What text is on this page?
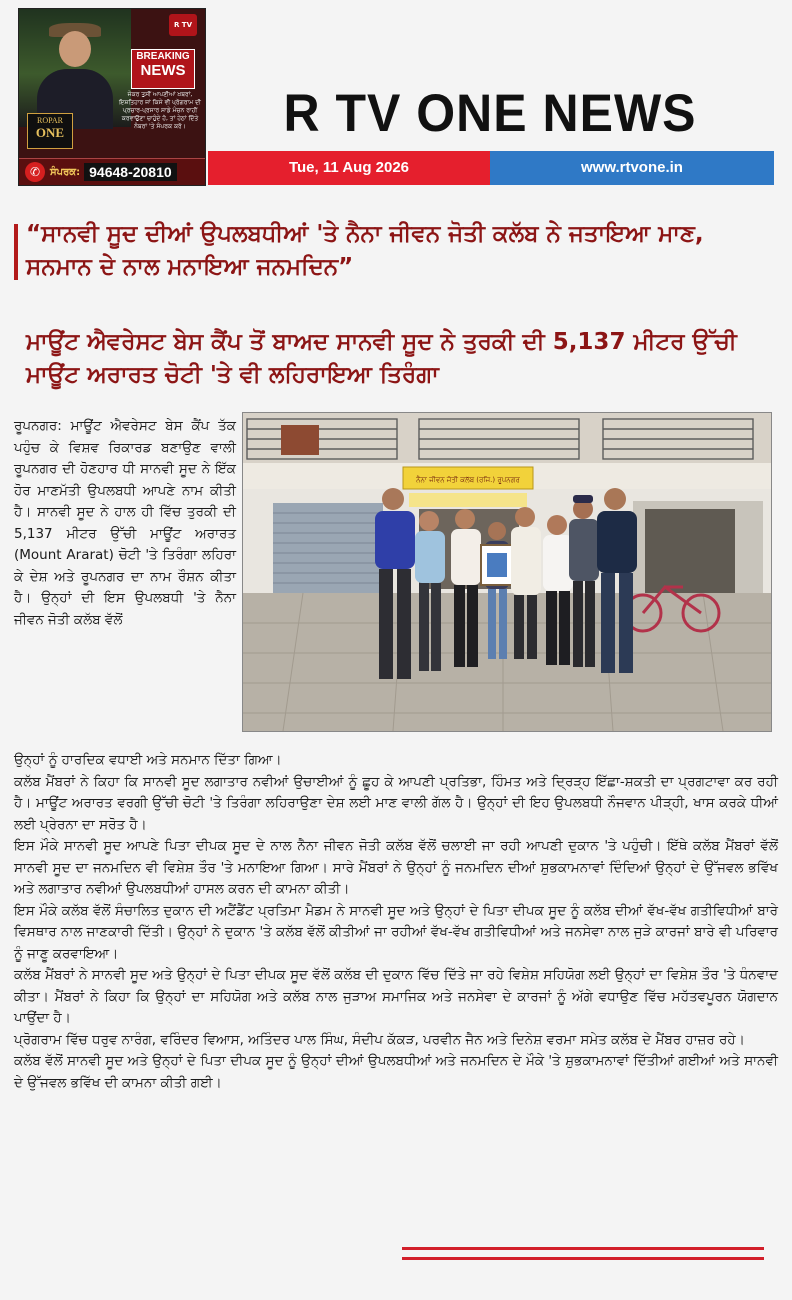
R TV
BREAKING
NEWS
ROPAR
ONE
ਜੇਕਰ ਤੁਸੀਂ ਆਪਣੀਆਂ ਖ਼ਬਰਾਂ, ਇਸ਼ਤਿਹਾਰ ਜਾਂ ਕਿਸੇ ਵੀ ਪ੍ਰੋਗਰਾਮ ਦੀ ਪ੍ਰਚਾਰ-ਪ੍ਰਸਾਰ ਸਾਡੇ ਮੰਚਨ ਰਾਹੀਂ ਕਰਵਾਉਣਾ ਚਾਹੁੰਦੇ ਹੋ, ਤਾਂ ਹੇਠਾਂ ਦਿੱਤੇ ਨੰਬਰਾਂ 'ਤੇ ਸੰਪਰਕ ਕਰੋ।
✆ ਸੰਪਰਕ: 94648-20810
R TV ONE NEWS
Tue, 11 Aug 2026	www.rtvone.in
“ਸਾਨਵੀ ਸੂਦ ਦੀਆਂ ਉਪਲਬਧੀਆਂ 'ਤੇ ਨੈਨਾ ਜੀਵਨ ਜੋਤੀ ਕਲੱਬ ਨੇ ਜਤਾਇਆ ਮਾਣ, ਸਨਮਾਨ ਦੇ ਨਾਲ ਮਨਾਇਆ ਜਨਮਦਿਨ”
ਮਾਊਂਟ ਐਵਰੇਸਟ ਬੇਸ ਕੈਂਪ ਤੋਂ ਬਾਅਦ ਸਾਨਵੀ ਸੂਦ ਨੇ ਤੁਰਕੀ ਦੀ 5,137 ਮੀਟਰ ਉੱਚੀ ਮਾਊਂਟ ਅਰਾਰਤ ਚੋਟੀ 'ਤੇ ਵੀ ਲਹਿਰਾਇਆ ਤਿਰੰਗਾ
ਰੂਪਨਗਰ: ਮਾਊਂਟ ਐਵਰੇਸਟ ਬੇਸ ਕੈਂਪ ਤੱਕ ਪਹੁੰਚ ਕੇ ਵਿਸ਼ਵ ਰਿਕਾਰਡ ਬਣਾਉਣ ਵਾਲੀ ਰੂਪਨਗਰ ਦੀ ਹੋਣਹਾਰ ਧੀ ਸਾਨਵੀ ਸੂਦ ਨੇ ਇੱਕ ਹੋਰ ਮਾਣਮੱਤੀ ਉਪਲਬਧੀ ਆਪਣੇ ਨਾਮ ਕੀਤੀ ਹੈ। ਸਾਨਵੀ ਸੂਦ ਨੇ ਹਾਲ ਹੀ ਵਿੱਚ ਤੁਰਕੀ ਦੀ 5,137 ਮੀਟਰ ਉੱਚੀ ਮਾਊਂਟ ਅਰਾਰਤ (Mount Ararat) ਚੋਟੀ 'ਤੇ ਤਿਰੰਗਾ ਲਹਿਰਾ ਕੇ ਦੇਸ਼ ਅਤੇ ਰੂਪਨਗਰ ਦਾ ਨਾਮ ਰੌਸ਼ਨ ਕੀਤਾ ਹੈ। ਉਨ੍ਹਾਂ ਦੀ ਇਸ ਉਪਲਬਧੀ 'ਤੇ ਨੈਨਾ ਜੀਵਨ ਜੋਤੀ ਕਲੱਬ ਵੱਲੋਂ
ਨੈਨਾ ਜੀਵਨ ਜੋਤੀ ਕਲੱਬ (ਰਜਿ.) ਰੂਪਨਗਰ

ਉਨ੍ਹਾਂ ਨੂੰ ਹਾਰਦਿਕ ਵਧਾਈ ਅਤੇ ਸਨਮਾਨ ਦਿੱਤਾ ਗਿਆ।

ਕਲੱਬ ਮੈਂਬਰਾਂ ਨੇ ਕਿਹਾ ਕਿ ਸਾਨਵੀ ਸੂਦ ਲਗਾਤਾਰ ਨਵੀਆਂ ਉਚਾਈਆਂ ਨੂੰ ਛੂਹ ਕੇ ਆਪਣੀ ਪ੍ਰਤਿਭਾ, ਹਿੰਮਤ ਅਤੇ ਦ੍ਰਿੜ੍ਹ ਇੱਛਾ-ਸ਼ਕਤੀ ਦਾ ਪ੍ਰਗਟਾਵਾ ਕਰ ਰਹੀ ਹੈ। ਮਾਊਂਟ ਅਰਾਰਤ ਵਰਗੀ ਉੱਚੀ ਚੋਟੀ 'ਤੇ ਤਿਰੰਗਾ ਲਹਿਰਾਉਣਾ ਦੇਸ਼ ਲਈ ਮਾਣ ਵਾਲੀ ਗੱਲ ਹੈ। ਉਨ੍ਹਾਂ ਦੀ ਇਹ ਉਪਲਬਧੀ ਨੌਜਵਾਨ ਪੀੜ੍ਹੀ, ਖਾਸ ਕਰਕੇ ਧੀਆਂ ਲਈ ਪ੍ਰੇਰਨਾ ਦਾ ਸਰੋਤ ਹੈ।

ਇਸ ਮੌਕੇ ਸਾਨਵੀ ਸੂਦ ਆਪਣੇ ਪਿਤਾ ਦੀਪਕ ਸੂਦ ਦੇ ਨਾਲ ਨੈਨਾ ਜੀਵਨ ਜੋਤੀ ਕਲੱਬ ਵੱਲੋਂ ਚਲਾਈ ਜਾ ਰਹੀ ਆਪਣੀ ਦੁਕਾਨ 'ਤੇ ਪਹੁੰਚੀ। ਇੱਥੇ ਕਲੱਬ ਮੈਂਬਰਾਂ ਵੱਲੋਂ ਸਾਨਵੀ ਸੂਦ ਦਾ ਜਨਮਦਿਨ ਵੀ ਵਿਸ਼ੇਸ਼ ਤੌਰ 'ਤੇ ਮਨਾਇਆ ਗਿਆ। ਸਾਰੇ ਮੈਂਬਰਾਂ ਨੇ ਉਨ੍ਹਾਂ ਨੂੰ ਜਨਮਦਿਨ ਦੀਆਂ ਸ਼ੁਭਕਾਮਨਾਵਾਂ ਦਿੰਦਿਆਂ ਉਨ੍ਹਾਂ ਦੇ ਉੱਜਵਲ ਭਵਿੱਖ ਅਤੇ ਲਗਾਤਾਰ ਨਵੀਆਂ ਉਪਲਬਧੀਆਂ ਹਾਸਲ ਕਰਨ ਦੀ ਕਾਮਨਾ ਕੀਤੀ।

ਇਸ ਮੌਕੇ ਕਲੱਬ ਵੱਲੋਂ ਸੰਚਾਲਿਤ ਦੁਕਾਨ ਦੀ ਅਟੈਂਡੈਂਟ ਪ੍ਰਤਿਮਾ ਮੈਡਮ ਨੇ ਸਾਨਵੀ ਸੂਦ ਅਤੇ ਉਨ੍ਹਾਂ ਦੇ ਪਿਤਾ ਦੀਪਕ ਸੂਦ ਨੂੰ ਕਲੱਬ ਦੀਆਂ ਵੱਖ-ਵੱਖ ਗਤੀਵਿਧੀਆਂ ਬਾਰੇ ਵਿਸਥਾਰ ਨਾਲ ਜਾਣਕਾਰੀ ਦਿੱਤੀ। ਉਨ੍ਹਾਂ ਨੇ ਦੁਕਾਨ 'ਤੇ ਕਲੱਬ ਵੱਲੋਂ ਕੀਤੀਆਂ ਜਾ ਰਹੀਆਂ ਵੱਖ-ਵੱਖ ਗਤੀਵਿਧੀਆਂ ਅਤੇ ਜਨਸੇਵਾ ਨਾਲ ਜੁੜੇ ਕਾਰਜਾਂ ਬਾਰੇ ਵੀ ਪਰਿਵਾਰ ਨੂੰ ਜਾਣੂ ਕਰਵਾਇਆ।

ਕਲੱਬ ਮੈਂਬਰਾਂ ਨੇ ਸਾਨਵੀ ਸੂਦ ਅਤੇ ਉਨ੍ਹਾਂ ਦੇ ਪਿਤਾ ਦੀਪਕ ਸੂਦ ਵੱਲੋਂ ਕਲੱਬ ਦੀ ਦੁਕਾਨ ਵਿੱਚ ਦਿੱਤੇ ਜਾ ਰਹੇ ਵਿਸ਼ੇਸ਼ ਸਹਿਯੋਗ ਲਈ ਉਨ੍ਹਾਂ ਦਾ ਵਿਸ਼ੇਸ਼ ਤੌਰ 'ਤੇ ਧੰਨਵਾਦ ਕੀਤਾ। ਮੈਂਬਰਾਂ ਨੇ ਕਿਹਾ ਕਿ ਉਨ੍ਹਾਂ ਦਾ ਸਹਿਯੋਗ ਅਤੇ ਕਲੱਬ ਨਾਲ ਜੁੜਾਅ ਸਮਾਜਿਕ ਅਤੇ ਜਨਸੇਵਾ ਦੇ ਕਾਰਜਾਂ ਨੂੰ ਅੱਗੇ ਵਧਾਉਣ ਵਿੱਚ ਮਹੱਤਵਪੂਰਨ ਯੋਗਦਾਨ ਪਾਉਂਦਾ ਹੈ।

ਪ੍ਰੋਗਰਾਮ ਵਿੱਚ ਧਰੁਵ ਨਾਰੰਗ, ਵਰਿੰਦਰ ਵਿਆਸ, ਅਤਿੰਦਰ ਪਾਲ ਸਿੰਘ, ਸੰਦੀਪ ਕੱਕੜ, ਪਰਵੀਨ ਜੈਨ ਅਤੇ ਦਿਨੇਸ਼ ਵਰਮਾ ਸਮੇਤ ਕਲੱਬ ਦੇ ਮੈਂਬਰ ਹਾਜ਼ਰ ਰਹੇ।

ਕਲੱਬ ਵੱਲੋਂ ਸਾਨਵੀ ਸੂਦ ਅਤੇ ਉਨ੍ਹਾਂ ਦੇ ਪਿਤਾ ਦੀਪਕ ਸੂਦ ਨੂੰ ਉਨ੍ਹਾਂ ਦੀਆਂ ਉਪਲਬਧੀਆਂ ਅਤੇ ਜਨਮਦਿਨ ਦੇ ਮੌਕੇ 'ਤੇ ਸ਼ੁਭਕਾਮਨਾਵਾਂ ਦਿੱਤੀਆਂ ਗਈਆਂ ਅਤੇ ਸਾਨਵੀ ਦੇ ਉੱਜਵਲ ਭਵਿੱਖ ਦੀ ਕਾਮਨਾ ਕੀਤੀ ਗਈ।
